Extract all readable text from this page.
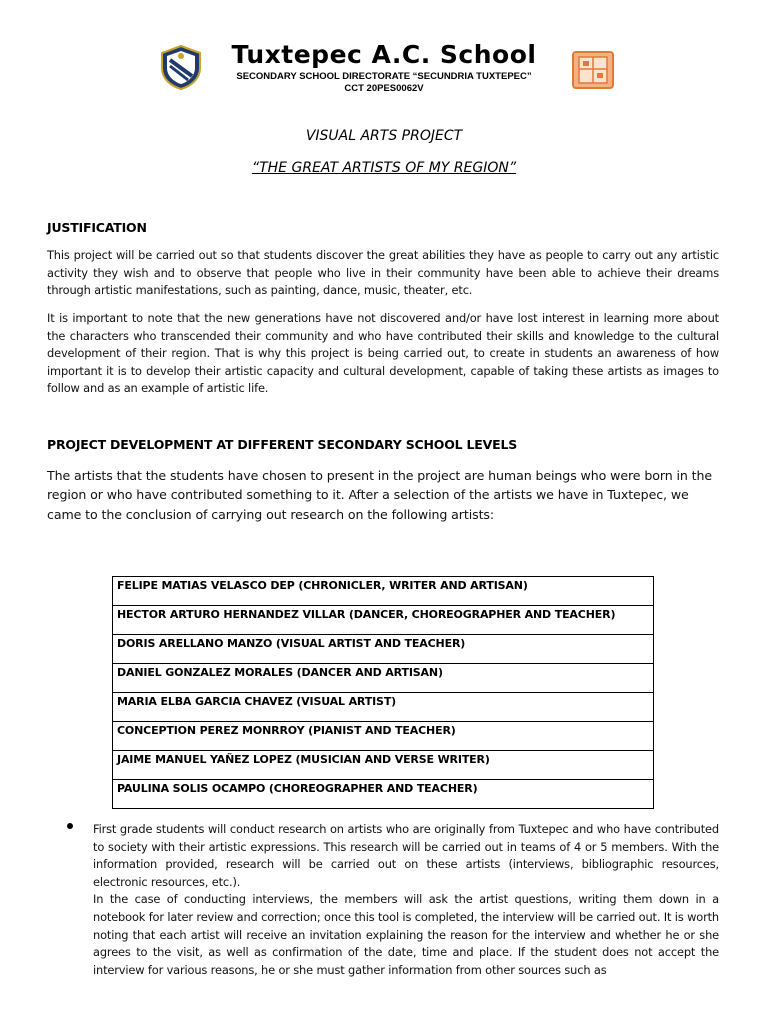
Tuxtepec A.C. School
SECONDARY SCHOOL DIRECTORATE “SECUNDRIA TUXTEPEC”
CCT 20PES0062V
VISUAL ARTS PROJECT
“THE GREAT ARTISTS OF MY REGION”
JUSTIFICATION
This project will be carried out so that students discover the great abilities they have as people to carry out any artistic activity they wish and to observe that people who live in their community have been able to achieve their dreams through artistic manifestations, such as painting, dance, music, theater, etc.
It is important to note that the new generations have not discovered and/or have lost interest in learning more about the characters who transcended their community and who have contributed their skills and knowledge to the cultural development of their region. That is why this project is being carried out, to create in students an awareness of how important it is to develop their artistic capacity and cultural development, capable of taking these artists as images to follow and as an example of artistic life.
PROJECT DEVELOPMENT AT DIFFERENT SECONDARY SCHOOL LEVELS
The artists that the students have chosen to present in the project are human beings who were born in the region or who have contributed something to it. After a selection of the artists we have in Tuxtepec, we came to the conclusion of carrying out research on the following artists:
FELIPE MATIAS VELASCO DEP (CHRONICLER, WRITER AND ARTISAN)
HECTOR ARTURO HERNANDEZ VILLAR (DANCER, CHOREOGRAPHER AND TEACHER)
DORIS ARELLANO MANZO (VISUAL ARTIST AND TEACHER)
DANIEL GONZALEZ MORALES (DANCER AND ARTISAN)
MARIA ELBA GARCIA CHAVEZ (VISUAL ARTIST)
CONCEPTION PEREZ MONRROY (PIANIST AND TEACHER)
JAIME MANUEL YAÑEZ LOPEZ (MUSICIAN AND VERSE WRITER)
PAULINA SOLIS OCAMPO (CHOREOGRAPHER AND TEACHER)

First grade students will conduct research on artists who are originally from Tuxtepec and who have contributed to society with their artistic expressions. This research will be carried out in teams of 4 or 5 members. With the information provided, research will be carried out on these artists (interviews, bibliographic resources, electronic resources, etc.).

In the case of conducting interviews, the members will ask the artist questions, writing them down in a notebook for later review and correction; once this tool is completed, the interview will be carried out. It is worth noting that each artist will receive an invitation explaining the reason for the interview and whether he or she agrees to the visit, as well as confirmation of the date, time and place. If the student does not accept the interview for various reasons, he or she must gather information from other sources such as
